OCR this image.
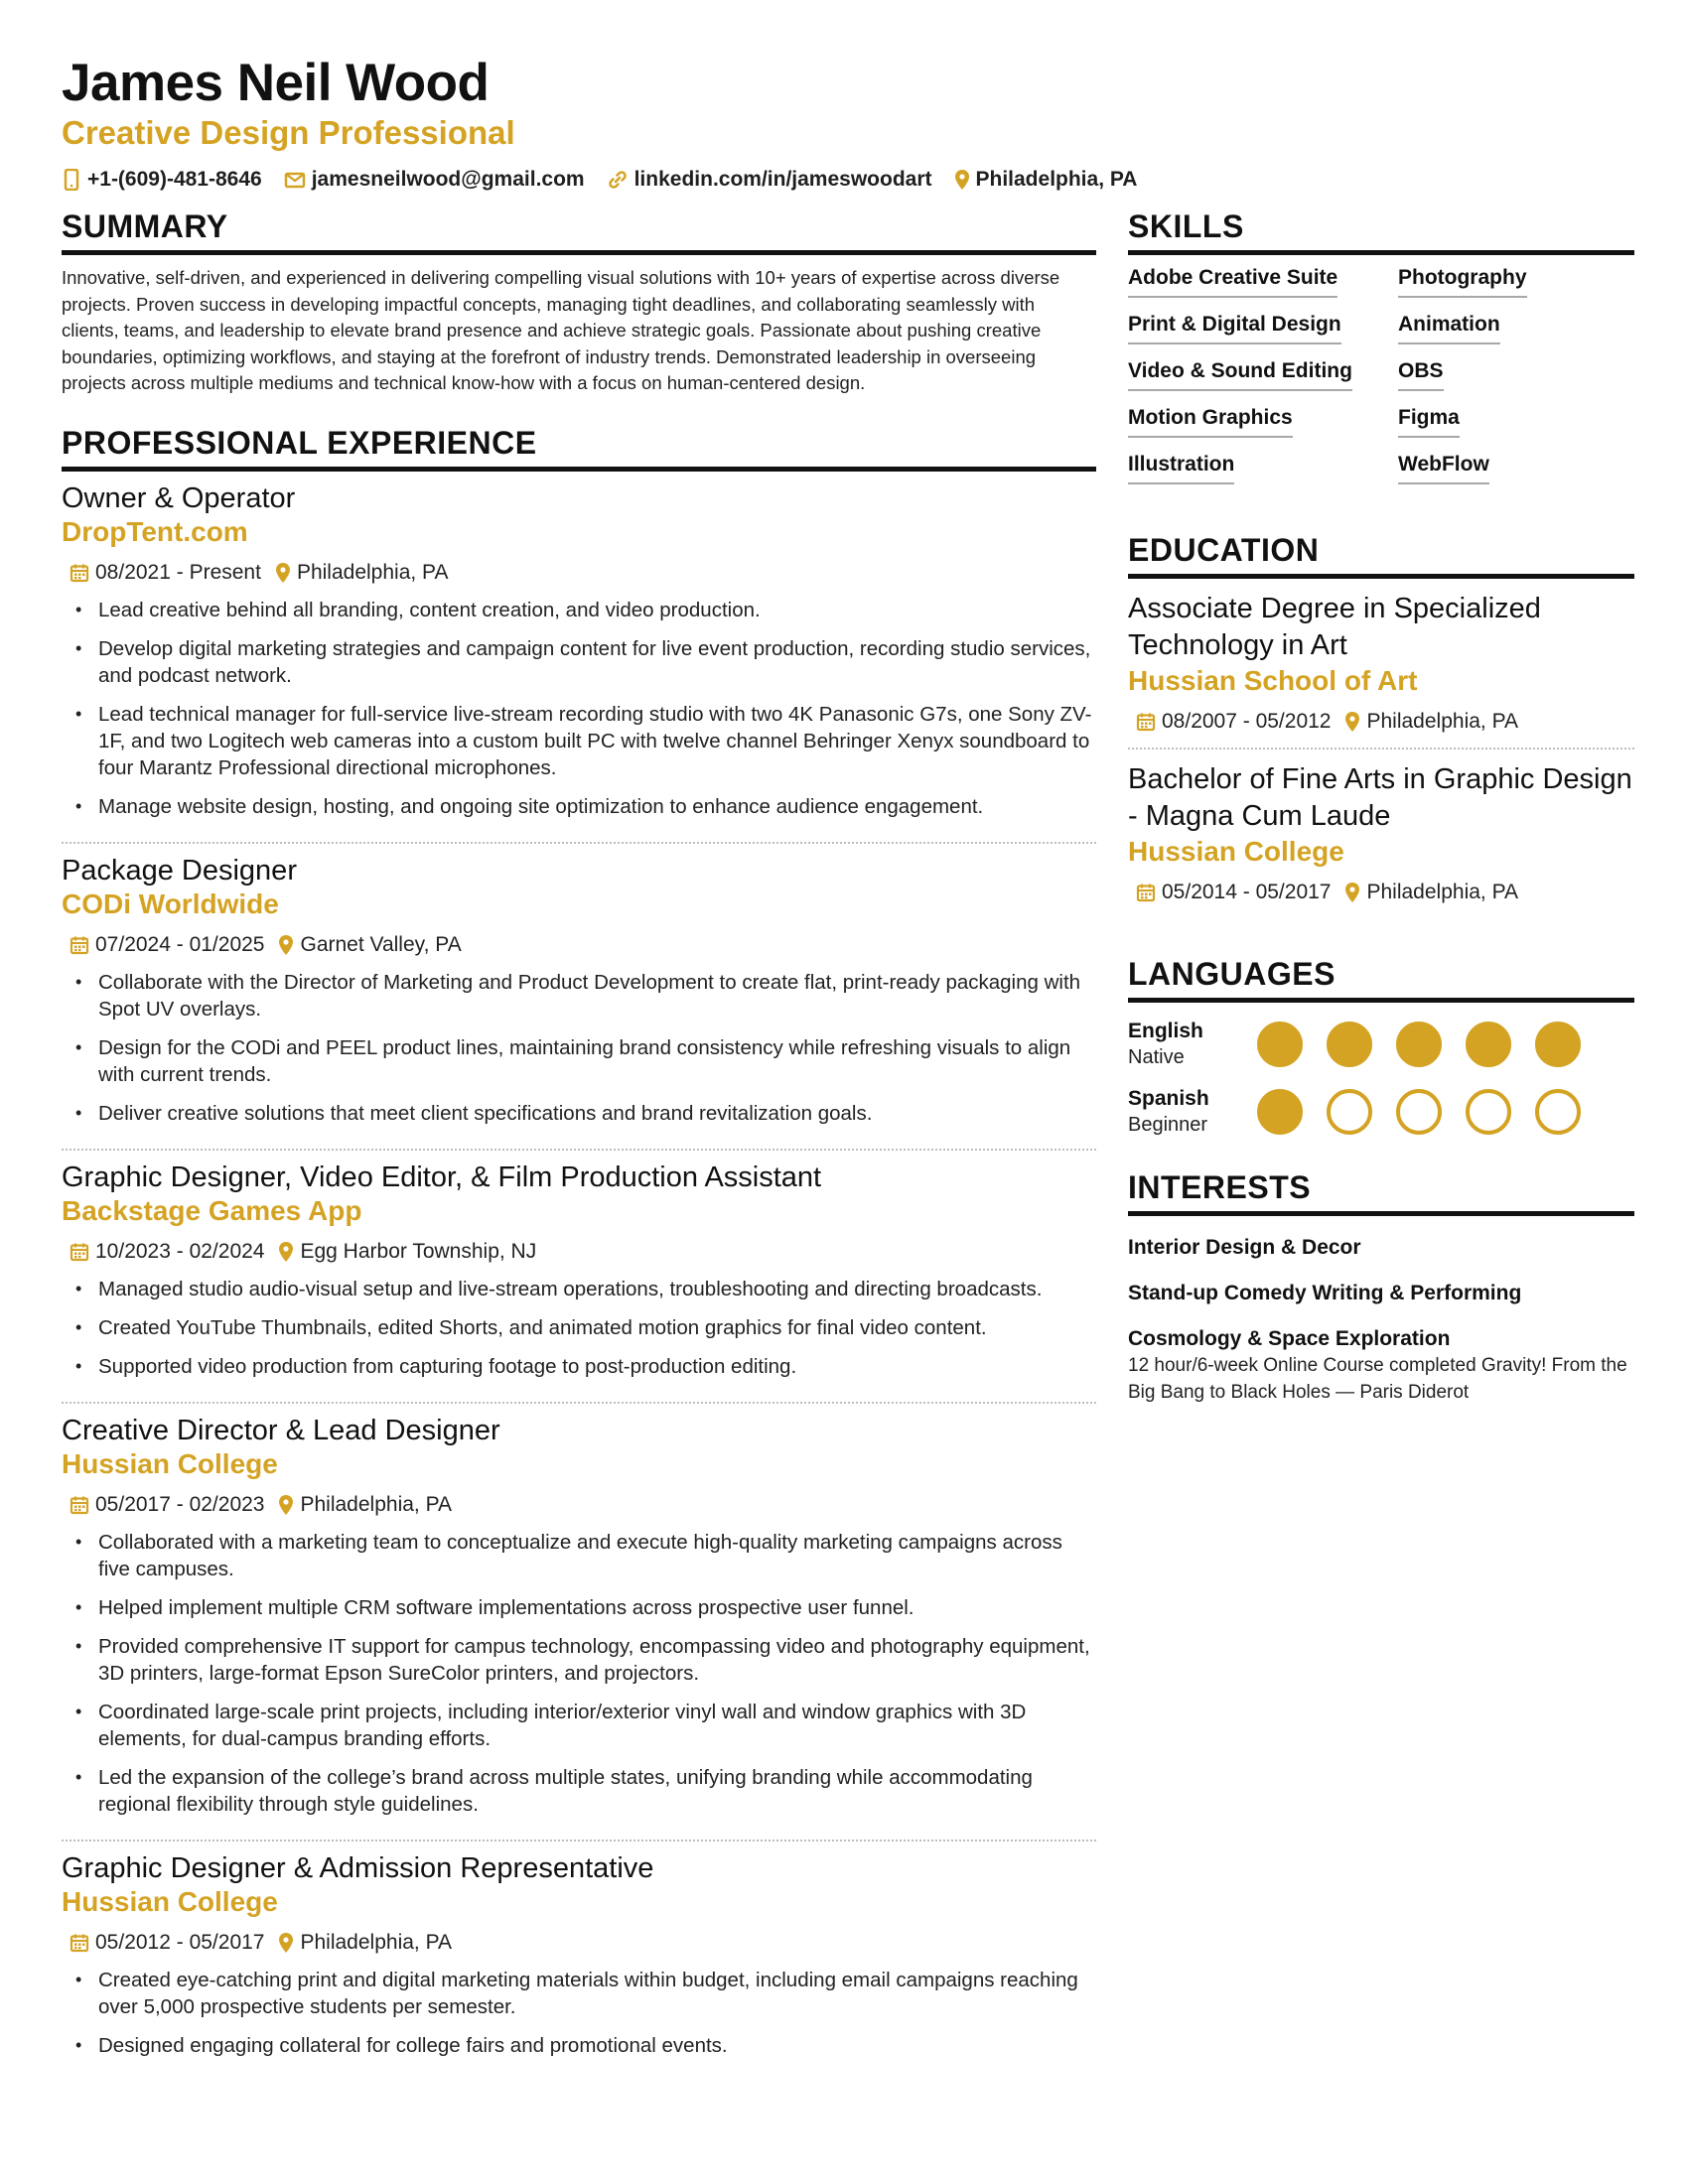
James Neil Wood
Creative Design Professional
+1-(609)-481-8646 jamesneilwood@gmail.com linkedin.com/in/jameswoodart Philadelphia, PA
SUMMARY

Innovative, self-driven, and experienced in delivering compelling visual solutions with 10+ years of expertise across diverse projects. Proven success in developing impactful concepts, managing tight deadlines, and collaborating seamlessly with clients, teams, and leadership to elevate brand presence and achieve strategic goals. Passionate about pushing creative boundaries, optimizing workflows, and staying at the forefront of industry trends. Demonstrated leadership in overseeing projects across multiple mediums and technical know-how with a focus on human-centered design.

PROFESSIONAL EXPERIENCE
Owner & Operator
DropTent.com
08/2021 - Present Philadelphia, PA
• Lead creative behind all branding, content creation, and video production.
• Develop digital marketing strategies and campaign content for live event production, recording studio services, and podcast network.
• Lead technical manager for full-service live-stream recording studio with two 4K Panasonic G7s, one Sony ZV-1F, and two Logitech web cameras into a custom built PC with twelve channel Behringer Xenyx soundboard to four Marantz Professional directional microphones.
• Manage website design, hosting, and ongoing site optimization to enhance audience engagement.
Package Designer
CODi Worldwide
07/2024 - 01/2025 Garnet Valley, PA
• Collaborate with the Director of Marketing and Product Development to create flat, print-ready packaging with Spot UV overlays.
• Design for the CODi and PEEL product lines, maintaining brand consistency while refreshing visuals to align with current trends.
• Deliver creative solutions that meet client specifications and brand revitalization goals.
Graphic Designer, Video Editor, & Film Production Assistant
Backstage Games App
10/2023 - 02/2024 Egg Harbor Township, NJ
• Managed studio audio-visual setup and live-stream operations, troubleshooting and directing broadcasts.
• Created YouTube Thumbnails, edited Shorts, and animated motion graphics for final video content.
• Supported video production from capturing footage to post-production editing.
Creative Director & Lead Designer
Hussian College
05/2017 - 02/2023 Philadelphia, PA
• Collaborated with a marketing team to conceptualize and execute high-quality marketing campaigns across five campuses.
• Helped implement multiple CRM software implementations across prospective user funnel.
• Provided comprehensive IT support for campus technology, encompassing video and photography equipment, 3D printers, large-format Epson SureColor printers, and projectors.
• Coordinated large-scale print projects, including interior/exterior vinyl wall and window graphics with 3D elements, for dual-campus branding efforts.
• Led the expansion of the college’s brand across multiple states, unifying branding while accommodating regional flexibility through style guidelines.
Graphic Designer & Admission Representative
Hussian College
05/2012 - 05/2017 Philadelphia, PA
• Created eye-catching print and digital marketing materials within budget, including email campaigns reaching over 5,000 prospective students per semester.
• Designed engaging collateral for college fairs and promotional events.
SKILLS
Adobe Creative Suite	Photography
Print & Digital Design	Animation
Video & Sound Editing	OBS
Motion Graphics	Figma
Illustration	WebFlow
EDUCATION
Associate Degree in Specialized Technology in Art
Hussian School of Art
08/2007 - 05/2012 Philadelphia, PA
Bachelor of Fine Arts in Graphic Design - Magna Cum Laude
Hussian College
05/2014 - 05/2017 Philadelphia, PA
LANGUAGES
English
Native
Spanish
Beginner
INTERESTS
Interior Design & Decor
Stand-up Comedy Writing & Performing
Cosmology & Space Exploration
12 hour/6-week Online Course completed Gravity! From the Big Bang to Black Holes — Paris Diderot
